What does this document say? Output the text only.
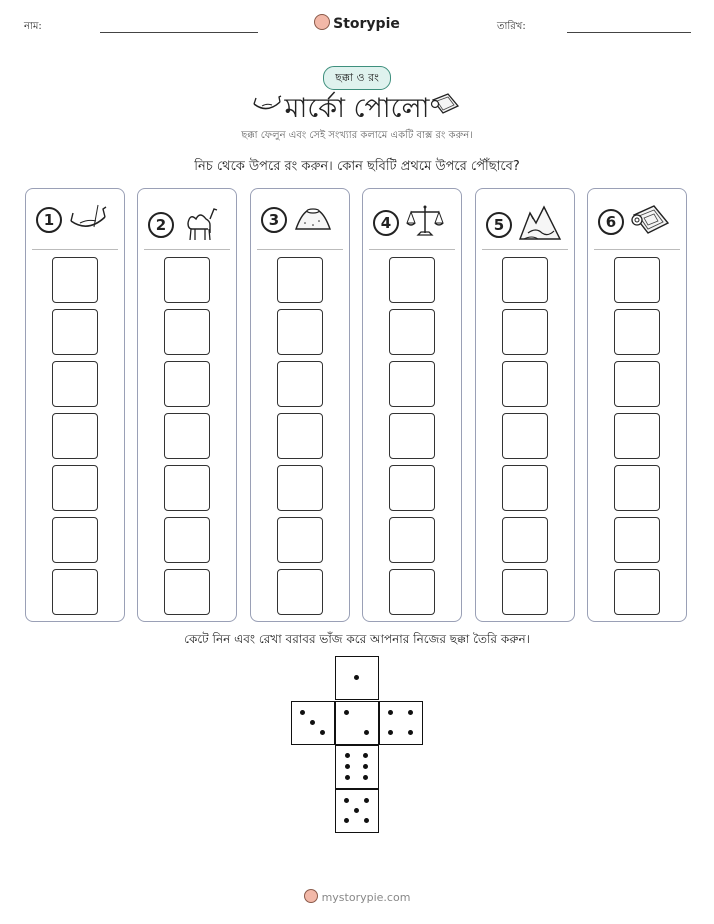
নাম:	Storypie	তারিখ:
ছক্কা ও রং
মার্কো পোলো
ছক্কা ফেলুন এবং সেই সংখ্যার কলামে একটি বাক্স রং করুন।
নিচ থেকে উপরে রং করুন। কোন ছবিটি প্রথমে উপরে পৌঁছাবে?
1	2	3	4	5	6
কেটে নিন এবং রেখা বরাবর ভাঁজ করে আপনার নিজের ছক্কা তৈরি করুন।
mystorypie.com
